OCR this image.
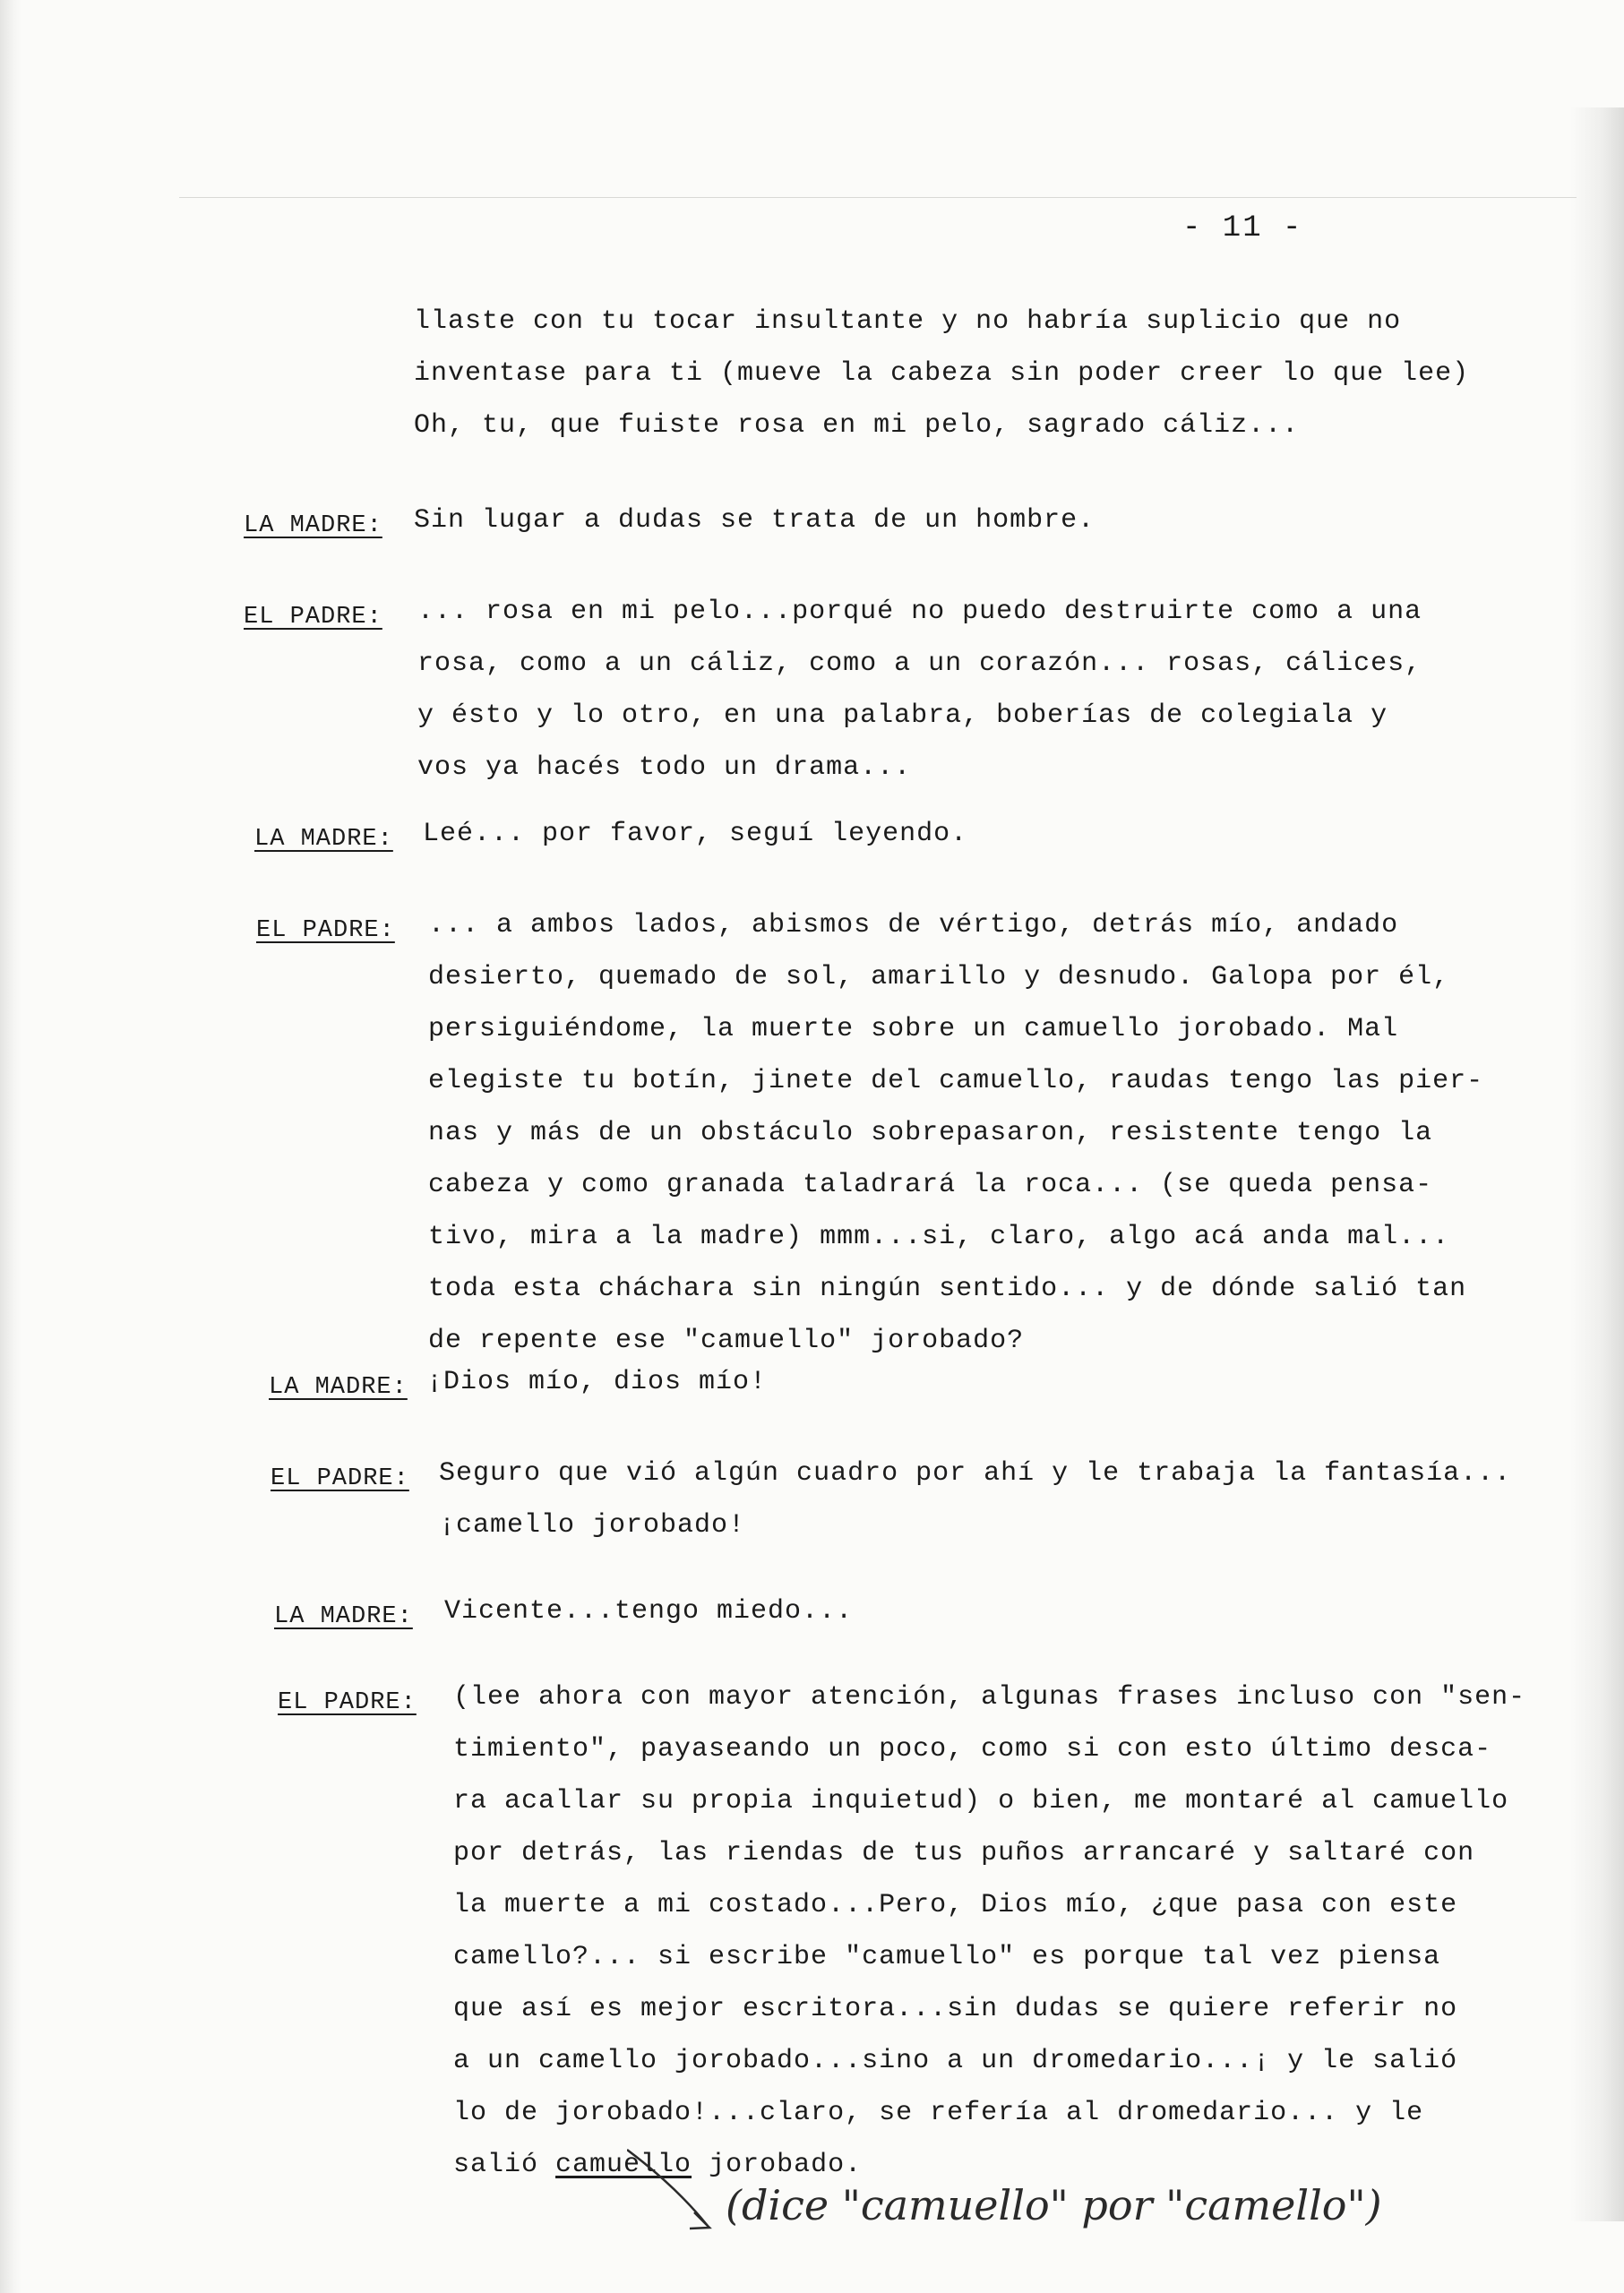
- 11 -
llaste con tu tocar insultante y no habría suplicio que no
inventase para ti (mueve la cabeza sin poder creer lo que lee)
Oh, tu, que fuiste rosa en mi pelo, sagrado cáliz...
LA MADRE: Sin lugar a dudas se trata de un hombre.
EL PADRE: ... rosa en mi pelo...porqué no puedo destruirte como a una
rosa, como a un cáliz, como a un corazón... rosas, cálices,
y ésto y lo otro, en una palabra, boberías de colegiala y
vos ya hacés todo un drama...
LA MADRE: Leé... por favor, seguí leyendo.
EL PADRE: ... a ambos lados, abismos de vértigo, detrás mío, andado
desierto, quemado de sol, amarillo y desnudo. Galopa por él,
persiguiéndome, la muerte sobre un camuello jorobado. Mal
elegiste tu botín, jinete del camuello, raudas tengo las pier-
nas y más de un obstáculo sobrepasaron, resistente tengo la
cabeza y como granada taladrará la roca... (se queda pensa-
tivo, mira a la madre) mmm...si, claro, algo acá anda mal...
toda esta cháchara sin ningún sentido... y de dónde salió tan
de repente ese "camuello" jorobado?
LA MADRE: ¡Dios mío, dios mío!
EL PADRE: Seguro que vió algún cuadro por ahí y le trabaja la fantasía...
¡camello jorobado!
LA MADRE: Vicente...tengo miedo...
EL PADRE: (lee ahora con mayor atención, algunas frases incluso con "sen-
timiento", payaseando un poco, como si con esto último desca-
ra acallar su propia inquietud) o bien, me montaré al camuello
por detrás, las riendas de tus puños arrancaré y saltaré con
la muerte a mi costado...Pero, Dios mío, ¿que pasa con este
camello?... si escribe "camuello" es porque tal vez piensa
que así es mejor escritora...sin dudas se quiere referir no
a un camello jorobado...sino a un dromedario...¡ y le salió
lo de jorobado!...claro, se refería al dromedario... y le
salió camuello jorobado.
(dice "camuello" por "camello")
